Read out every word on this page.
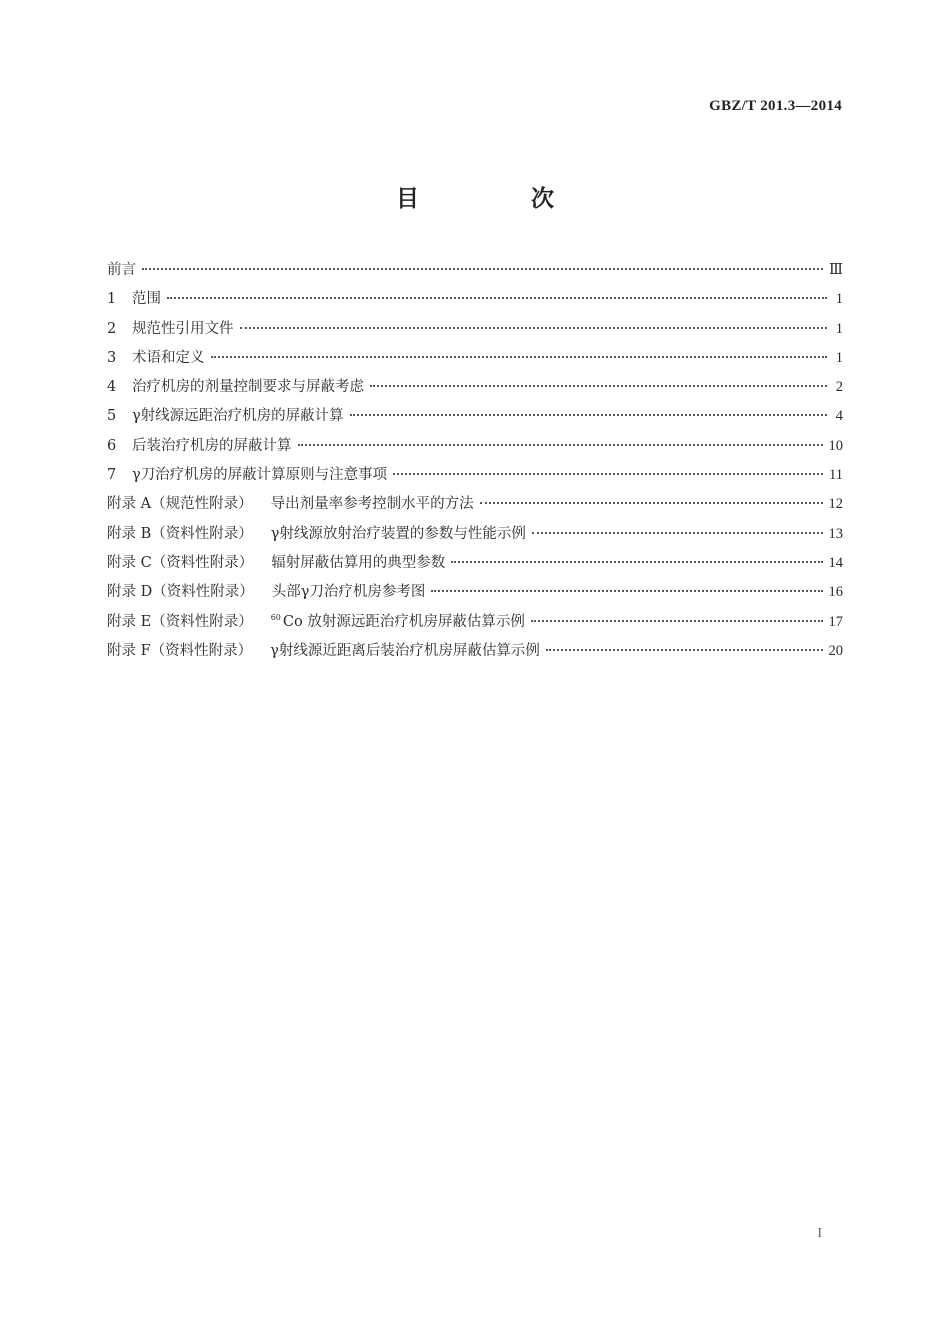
GBZ/T 201.3—2014
目 次
前言	Ⅲ
1	范围	1
2	规范性引用文件	1
3	术语和定义	1
4	治疗机房的剂量控制要求与屏蔽考虑	2
5	γ射线源远距治疗机房的屏蔽计算	4
6	后装治疗机房的屏蔽计算	10
7	γ刀治疗机房的屏蔽计算原则与注意事项	11
附录 A（规范性附录） 导出剂量率参考控制水平的方法	12
附录 B（资料性附录） γ射线源放射治疗装置的参数与性能示例	13
附录 C（资料性附录） 辐射屏蔽估算用的典型参数	14
附录 D（资料性附录） 头部γ刀治疗机房参考图	16
附录 E（资料性附录） $^{60}$ Co 放射源远距治疗机房屏蔽估算示例	17
附录 F（资料性附录） γ射线源近距离后装治疗机房屏蔽估算示例	20
I
